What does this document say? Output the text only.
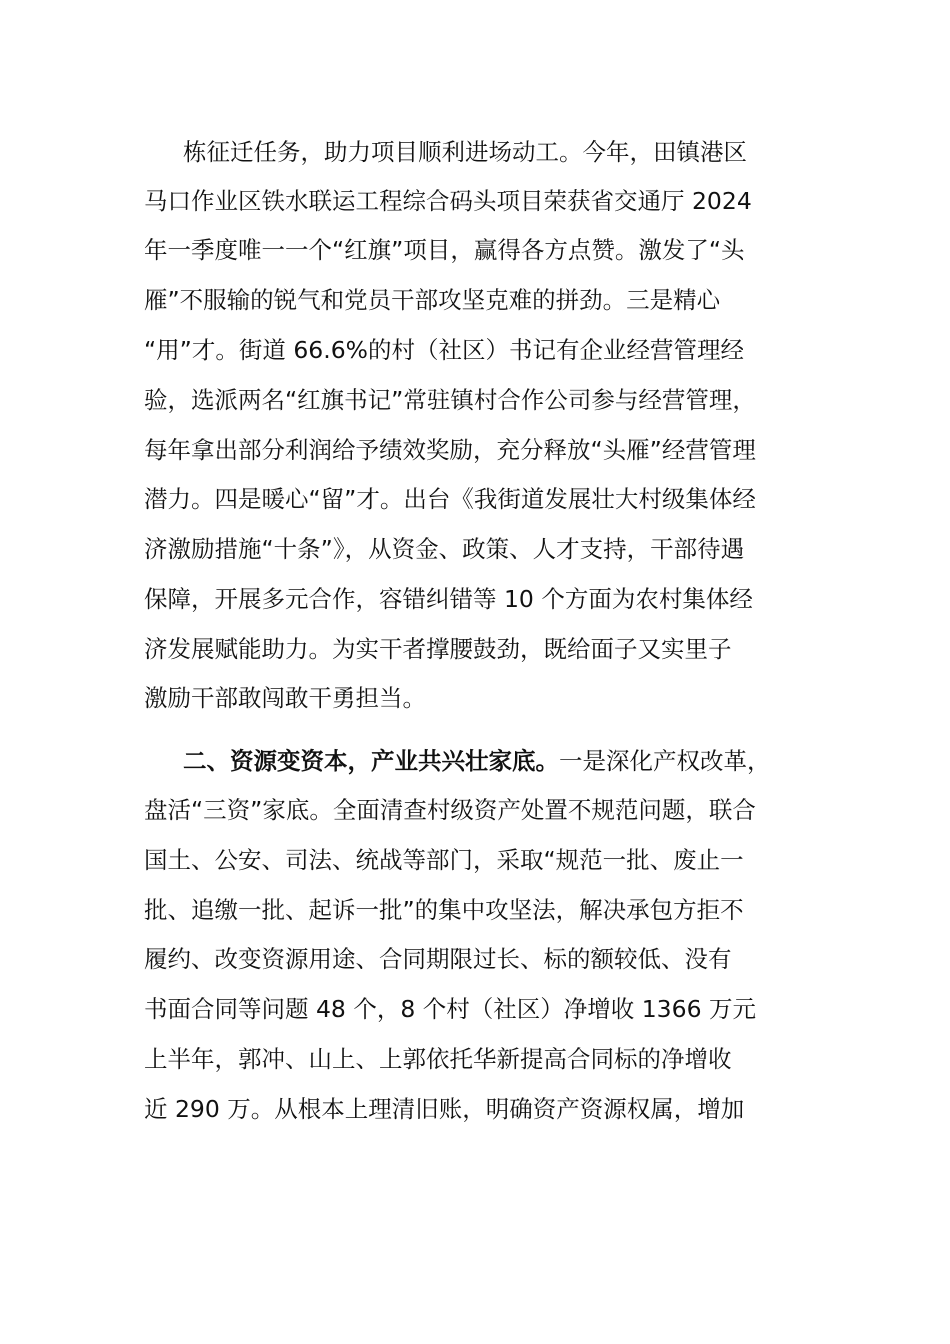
栋征迁任务，助力项目顺利进场动工。今年，田镇港区
马口作业区铁水联运工程综合码头项目荣获省交通厅 2024
年一季度唯一一个“红旗”项目，赢得各方点赞。激发了“头
雁”不服输的锐气和党员干部攻坚克难的拼劲。三是精心
“用”才。街道 66.6%的村（社区）书记有企业经营管理经
验，选派两名“红旗书记”常驻镇村合作公司参与经营管理，
每年拿出部分利润给予绩效奖励，充分释放“头雁”经营管理
潜力。四是暖心“留”才。出台《我街道发展壮大村级集体经
济激励措施“十条”》，从资金、政策、人才支持，干部待遇
保障，开展多元合作，容错纠错等 10 个方面为农村集体经
济发展赋能助力。为实干者撑腰鼓劲，既给面子又实里子
激励干部敢闯敢干勇担当。
二、资源变资本，产业共兴壮家底。一是深化产权改革，
盘活“三资”家底。全面清查村级资产处置不规范问题，联合
国土、公安、司法、统战等部门，采取“规范一批、废止一
批、追缴一批、起诉一批”的集中攻坚法，解决承包方拒不
履约、改变资源用途、合同期限过长、标的额较低、没有
书面合同等问题 48 个，8 个村（社区）净增收 1366 万元
上半年，郭冲、山上、上郭依托华新提高合同标的净增收
近 290 万。从根本上理清旧账，明确资产资源权属，增加
